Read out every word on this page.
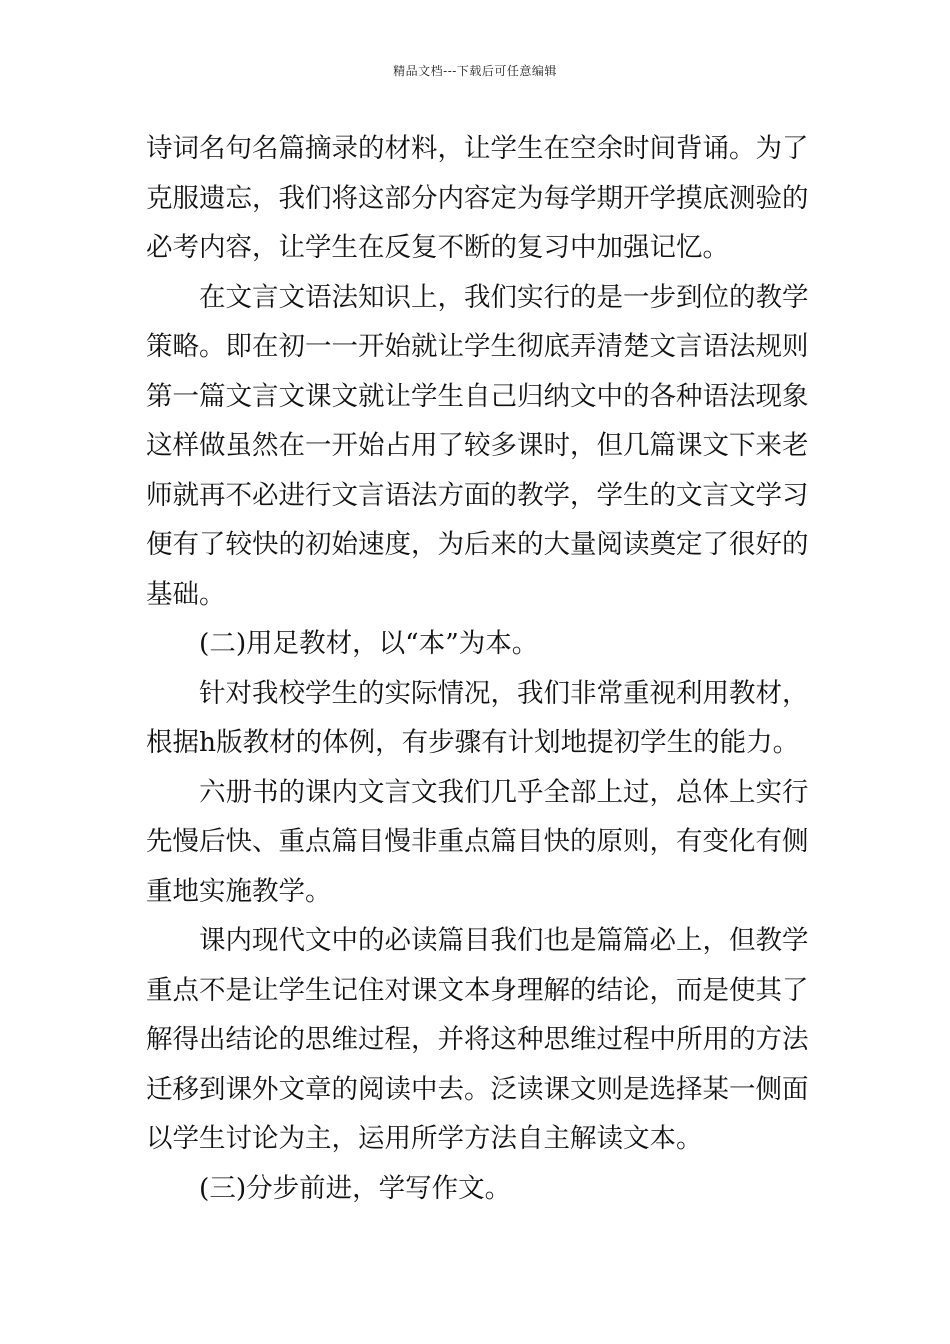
精品文档---下载后可任意编辑
诗词名句名篇摘录的材料，让学生在空余时间背诵。为了
克服遗忘，我们将这部分内容定为每学期开学摸底测验的
必考内容，让学生在反复不断的复习中加强记忆。
在文言文语法知识上，我们实行的是一步到位的教学
策略。即在初一一开始就让学生彻底弄清楚文言语法规则
第一篇文言文课文就让学生自己归纳文中的各种语法现象
这样做虽然在一开始占用了较多课时，但几篇课文下来老
师就再不必进行文言语法方面的教学，学生的文言文学习
便有了较快的初始速度，为后来的大量阅读奠定了很好的
基础。
(二)用足教材，以“本”为本。
针对我校学生的实际情况，我们非常重视利用教材，
根据h版教材的体例，有步骤有计划地提初学生的能力。
六册书的课内文言文我们几乎全部上过，总体上实行
先慢后快、重点篇目慢非重点篇目快的原则，有变化有侧
重地实施教学。
课内现代文中的必读篇目我们也是篇篇必上，但教学
重点不是让学生记住对课文本身理解的结论，而是使其了
解得出结论的思维过程，并将这种思维过程中所用的方法
迁移到课外文章的阅读中去。泛读课文则是选择某一侧面
以学生讨论为主，运用所学方法自主解读文本。
(三)分步前进，学写作文。
